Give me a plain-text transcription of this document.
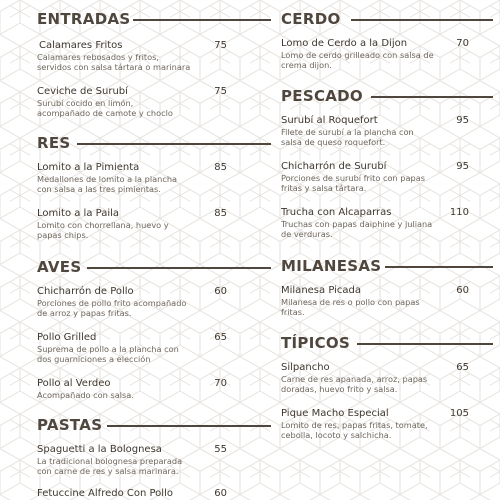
ENTRADAS
Calamares Fritos	75
Calamares rebosados y fritos,
servidos con salsa tártara o marinara
Ceviche de Surubí	75
Surubí cocido en limón,
acompañado de camote y choclo
RES
Lomito a la Pimienta	85
Medallones de lomito a la plancha
con salsa a las tres pimientas.
Lomito a la Paila	85
Lomito con chorrellana, huevo y
papas chips.
AVES
Chicharrón de Pollo	60
Porciones de pollo frito acompañado
de arroz y papas fritas.
Pollo Grilled	65
Suprema de pollo a la plancha con
dos guarniciones a elección
Pollo al Verdeo	70
Acompañado con salsa.
PASTAS
Spaguetti a la Bolognesa	55
La tradicional bolognesa preparada
con carne de res y salsa marinara.
Fetuccine Alfredo Con Pollo	60
CERDO
Lomo de Cerdo a la Dijon	70
Lomo de cerdo grilleado con salsa de
crema dijon.
PESCADO
Surubí al Roquefort	95
Filete de surubí a la plancha con
salsa de queso roquefort.
Chicharrón de Surubí	95
Porciones de surubí frito con papas
fritas y salsa tártara.
Trucha con Alcaparras	110
Truchas con papas daiphine y juliana
de verduras.
MILANESAS
Milanesa Picada	60
Milanesa de res o pollo con papas
fritas.
TÍPICOS
Silpancho	65
Carne de res apanada, arroz, papas
doradas, huevo frito y salsa.
Pique Macho Especial	105
Lomito de res, papas fritas, tomate,
cebolla, locoto y salchicha.
